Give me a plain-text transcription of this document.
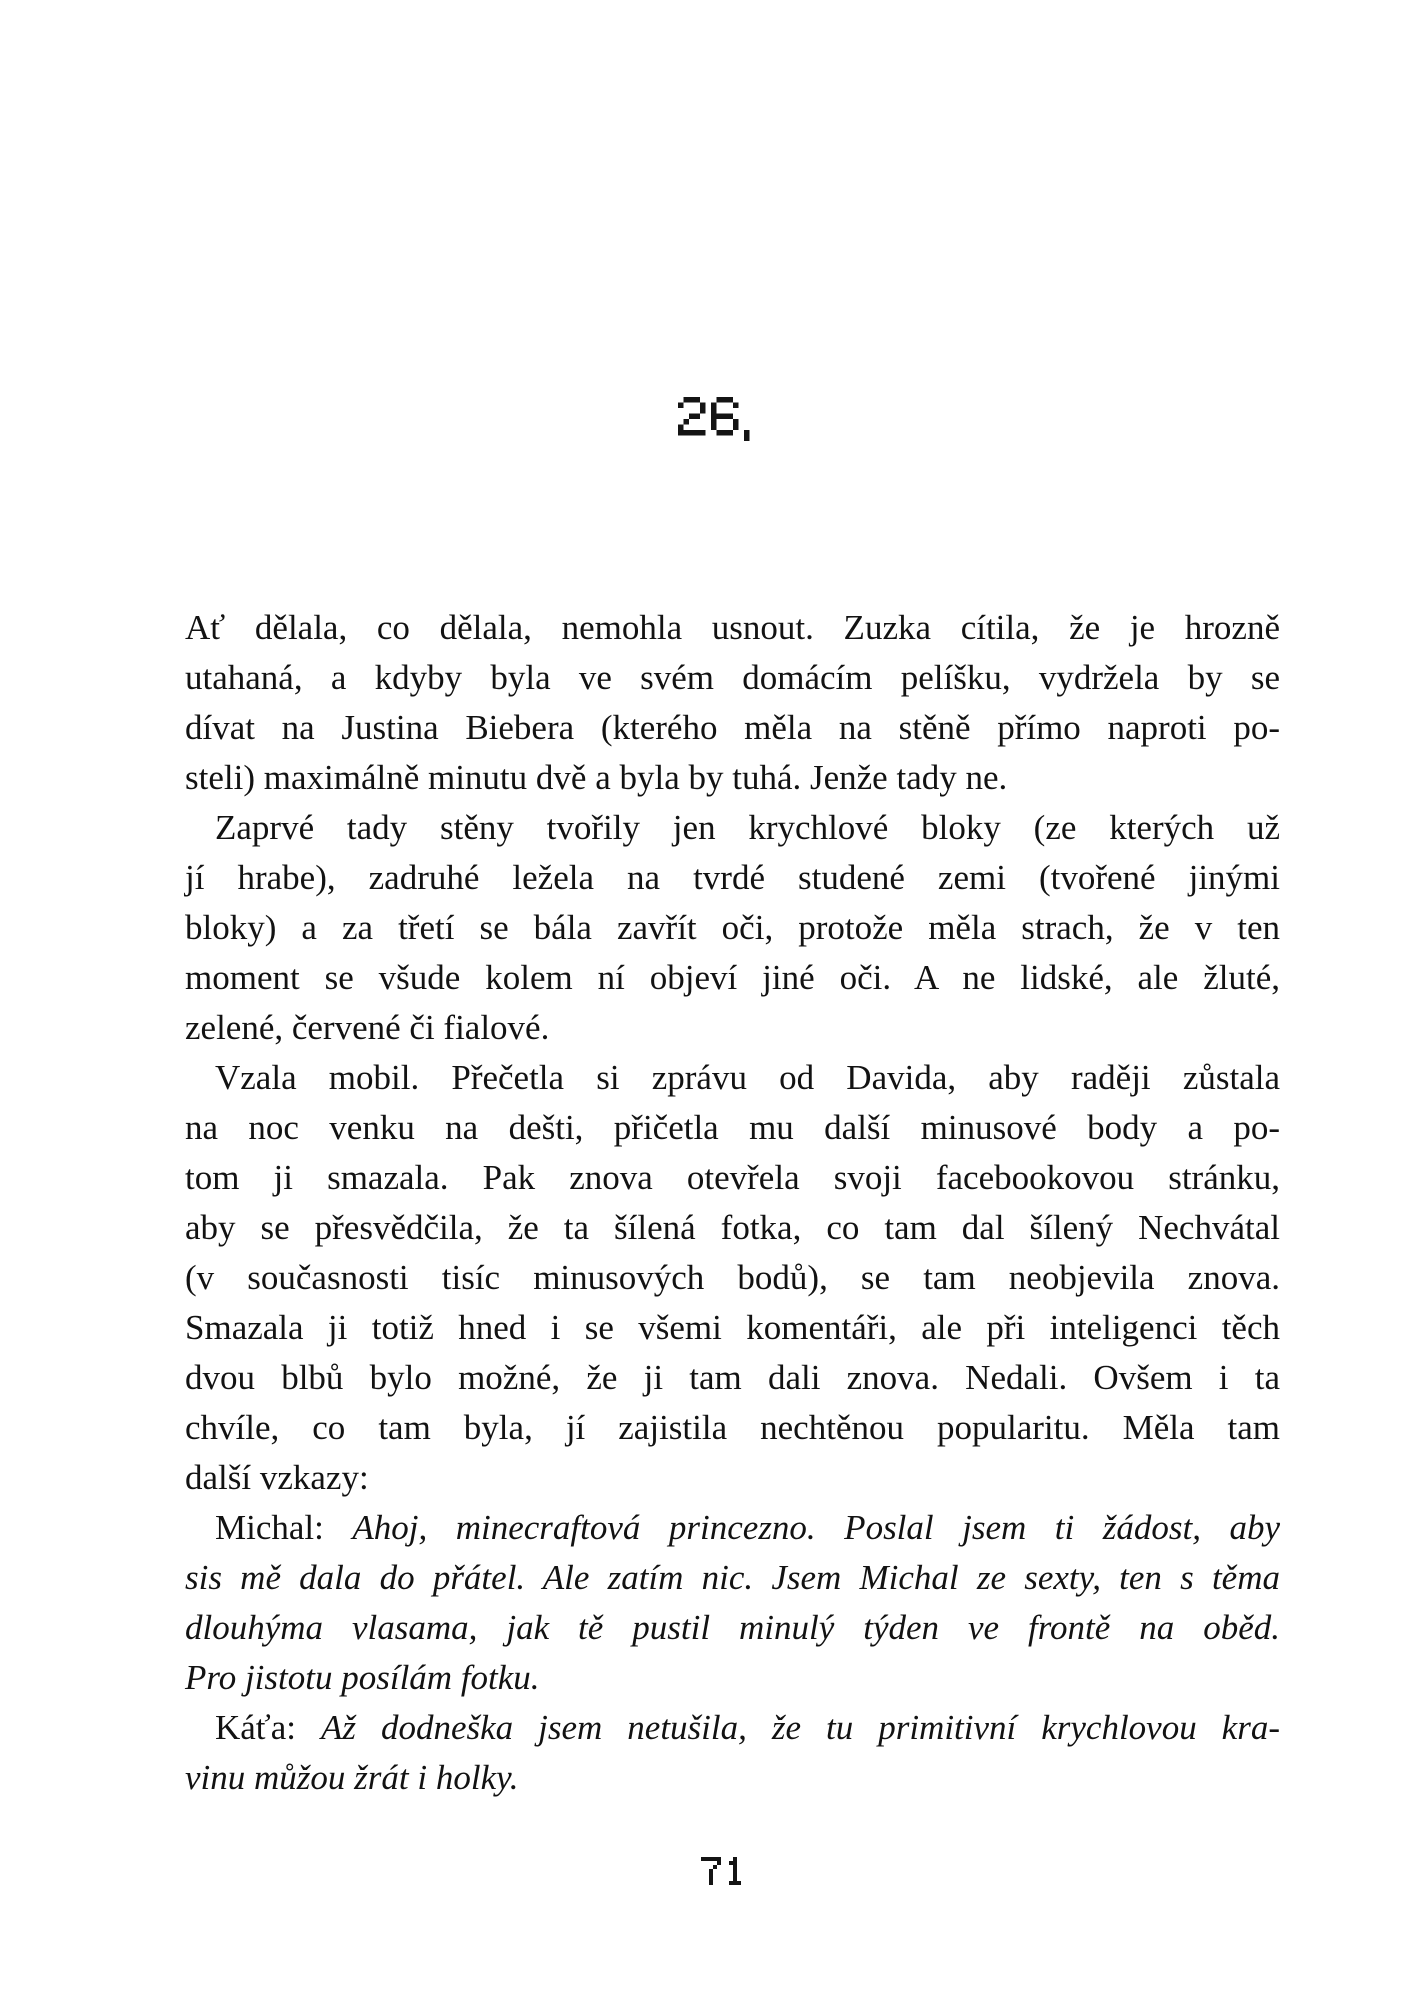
Ať dělala, co dělala, nemohla usnout. Zuzka cítila, že je hrozně
utahaná, a kdyby byla ve svém domácím pelíšku, vydržela by se
dívat na Justina Biebera (kterého měla na stěně přímo naproti po-
steli) maximálně minutu dvě a byla by tuhá. Jenže tady ne.
Zaprvé tady stěny tvořily jen krychlové bloky (ze kterých už
jí hrabe), zadruhé ležela na tvrdé studené zemi (tvořené jinými
bloky) a za třetí se bála zavřít oči, protože měla strach, že v ten
moment se všude kolem ní objeví jiné oči. A ne lidské, ale žluté,
zelené, červené či fialové.
Vzala mobil. Přečetla si zprávu od Davida, aby raději zůstala
na noc venku na dešti, přičetla mu další minusové body a po-
tom ji smazala. Pak znova otevřela svoji facebookovou stránku,
aby se přesvědčila, že ta šílená fotka, co tam dal šílený Nechvátal
(v současnosti tisíc minusových bodů), se tam neobjevila znova.
Smazala ji totiž hned i se všemi komentáři, ale při inteligenci těch
dvou blbů bylo možné, že ji tam dali znova. Nedali. Ovšem i ta
chvíle, co tam byla, jí zajistila nechtěnou popularitu. Měla tam
další vzkazy:
Michal: Ahoj, minecraftová princezno. Poslal jsem ti žádost, aby
sis mě dala do přátel. Ale zatím nic. Jsem Michal ze sexty, ten s těma
dlouhýma vlasama, jak tě pustil minulý týden ve frontě na oběd.
Pro jistotu posílám fotku.
Káťa: Až dodneška jsem netušila, že tu primitivní krychlovou kra-
vinu můžou žrát i holky.
